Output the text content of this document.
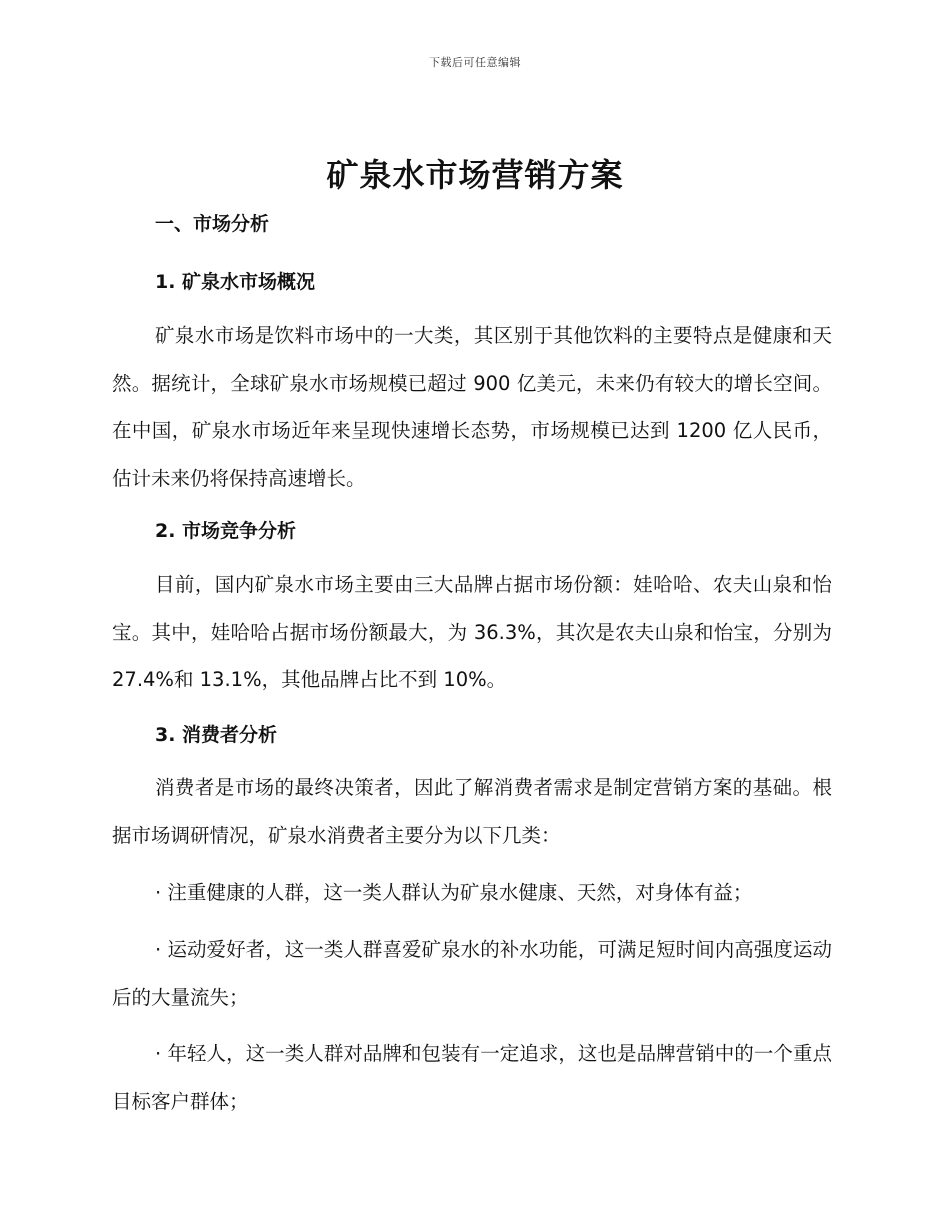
下载后可任意编辑
矿泉水市场营销方案
一、市场分析
1. 矿泉水市场概况

矿泉水市场是饮料市场中的一大类，其区别于其他饮料的主要特点是健康和天然。据统计，全球矿泉水市场规模已超过 900 亿美元，未来仍有较大的增长空间。在中国，矿泉水市场近年来呈现快速增长态势，市场规模已达到 1200 亿人民币，估计未来仍将保持高速增长。

2. 市场竞争分析

目前，国内矿泉水市场主要由三大品牌占据市场份额：娃哈哈、农夫山泉和怡宝。其中，娃哈哈占据市场份额最大，为 36.3%，其次是农夫山泉和怡宝，分别为 27.4%和 13.1%，其他品牌占比不到 10%。

3. 消费者分析

消费者是市场的最终决策者，因此了解消费者需求是制定营销方案的基础。根据市场调研情况，矿泉水消费者主要分为以下几类：

· 注重健康的人群，这一类人群认为矿泉水健康、天然，对身体有益；

· 运动爱好者，这一类人群喜爱矿泉水的补水功能，可满足短时间内高强度运动后的大量流失；

· 年轻人，这一类人群对品牌和包装有一定追求，这也是品牌营销中的一个重点目标客户群体；
